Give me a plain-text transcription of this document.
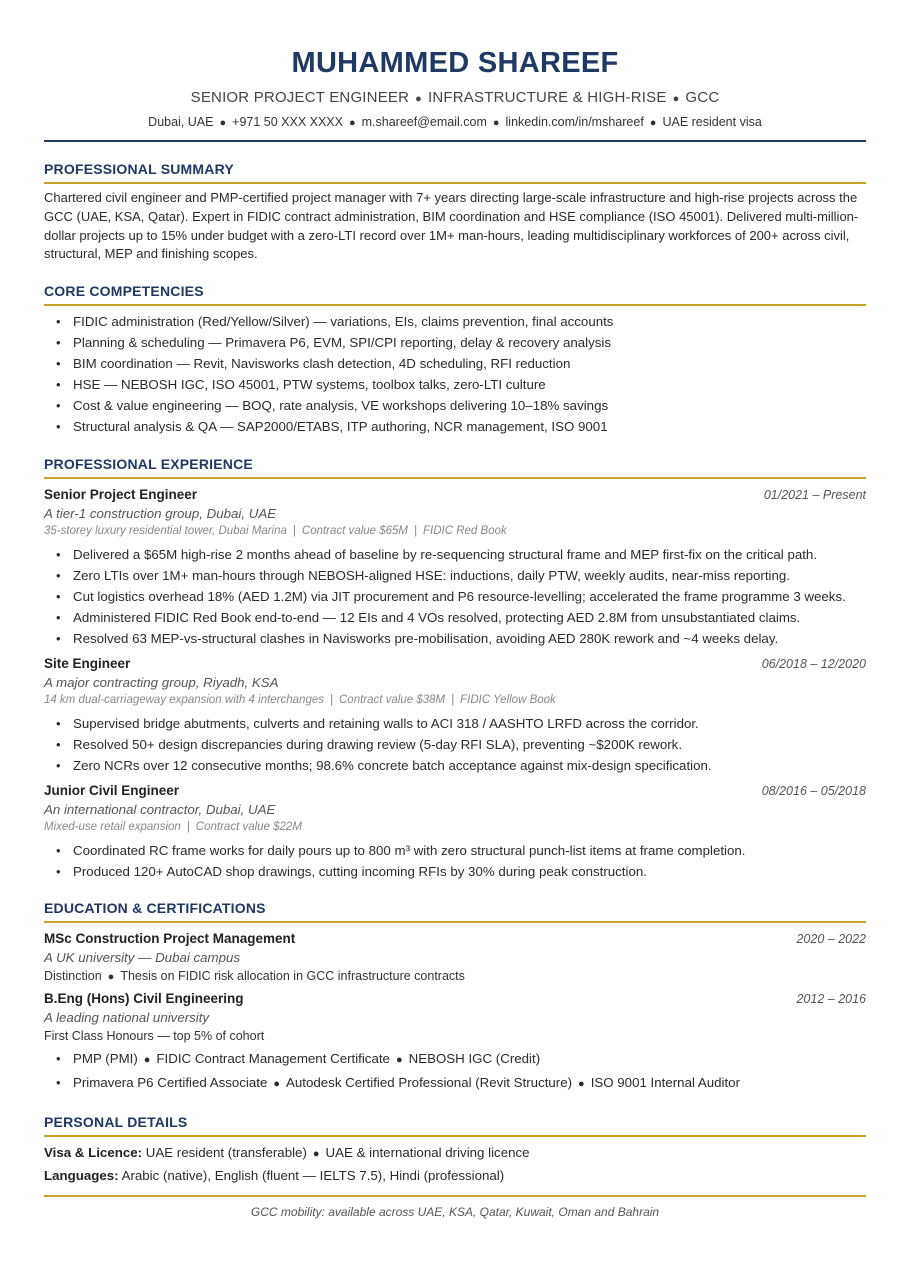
MUHAMMED SHAREEF
SENIOR PROJECT ENGINEER ● INFRASTRUCTURE & HIGH-RISE ● GCC
Dubai, UAE ● +971 50 XXX XXXX ● m.shareef@email.com ● linkedin.com/in/mshareef ● UAE resident visa
PROFESSIONAL SUMMARY
Chartered civil engineer and PMP-certified project manager with 7+ years directing large-scale infrastructure and high-rise projects across the GCC (UAE, KSA, Qatar). Expert in FIDIC contract administration, BIM coordination and HSE compliance (ISO 45001). Delivered multi-million-dollar projects up to 15% under budget with a zero-LTI record over 1M+ man-hours, leading multidisciplinary workforces of 200+ across civil, structural, MEP and finishing scopes.
CORE COMPETENCIES
• FIDIC administration (Red/Yellow/Silver) — variations, EIs, claims prevention, final accounts
• Planning & scheduling — Primavera P6, EVM, SPI/CPI reporting, delay & recovery analysis
• BIM coordination — Revit, Navisworks clash detection, 4D scheduling, RFI reduction
• HSE — NEBOSH IGC, ISO 45001, PTW systems, toolbox talks, zero-LTI culture
• Cost & value engineering — BOQ, rate analysis, VE workshops delivering 10–18% savings
• Structural analysis & QA — SAP2000/ETABS, ITP authoring, NCR management, ISO 9001
PROFESSIONAL EXPERIENCE
Senior Project Engineer	01/2021 – Present
A tier-1 construction group, Dubai, UAE
35-storey luxury residential tower, Dubai Marina | Contract value $65M | FIDIC Red Book
• Delivered a $65M high-rise 2 months ahead of baseline by re-sequencing structural frame and MEP first-fix on the critical path.
• Zero LTIs over 1M+ man-hours through NEBOSH-aligned HSE: inductions, daily PTW, weekly audits, near-miss reporting.
• Cut logistics overhead 18% (AED 1.2M) via JIT procurement and P6 resource-levelling; accelerated the frame programme 3 weeks.
• Administered FIDIC Red Book end-to-end — 12 EIs and 4 VOs resolved, protecting AED 2.8M from unsubstantiated claims.
• Resolved 63 MEP-vs-structural clashes in Navisworks pre-mobilisation, avoiding AED 280K rework and ~4 weeks delay.
Site Engineer	06/2018 – 12/2020
A major contracting group, Riyadh, KSA
14 km dual-carriageway expansion with 4 interchanges | Contract value $38M | FIDIC Yellow Book
• Supervised bridge abutments, culverts and retaining walls to ACI 318 / AASHTO LRFD across the corridor.
• Resolved 50+ design discrepancies during drawing review (5-day RFI SLA), preventing ~$200K rework.
• Zero NCRs over 12 consecutive months; 98.6% concrete batch acceptance against mix-design specification.
Junior Civil Engineer	08/2016 – 05/2018
An international contractor, Dubai, UAE
Mixed-use retail expansion | Contract value $22M
• Coordinated RC frame works for daily pours up to 800 m³ with zero structural punch-list items at frame completion.
• Produced 120+ AutoCAD shop drawings, cutting incoming RFIs by 30% during peak construction.
EDUCATION & CERTIFICATIONS
MSc Construction Project Management	2020 – 2022
A UK university — Dubai campus
Distinction ● Thesis on FIDIC risk allocation in GCC infrastructure contracts
B.Eng (Hons) Civil Engineering	2012 – 2016
A leading national university
First Class Honours — top 5% of cohort
• PMP (PMI) ● FIDIC Contract Management Certificate ● NEBOSH IGC (Credit)
• Primavera P6 Certified Associate ● Autodesk Certified Professional (Revit Structure) ● ISO 9001 Internal Auditor
PERSONAL DETAILS
Visa & Licence: UAE resident (transferable) ● UAE & international driving licence
Languages: Arabic (native), English (fluent — IELTS 7.5), Hindi (professional)
GCC mobility: available across UAE, KSA, Qatar, Kuwait, Oman and Bahrain
